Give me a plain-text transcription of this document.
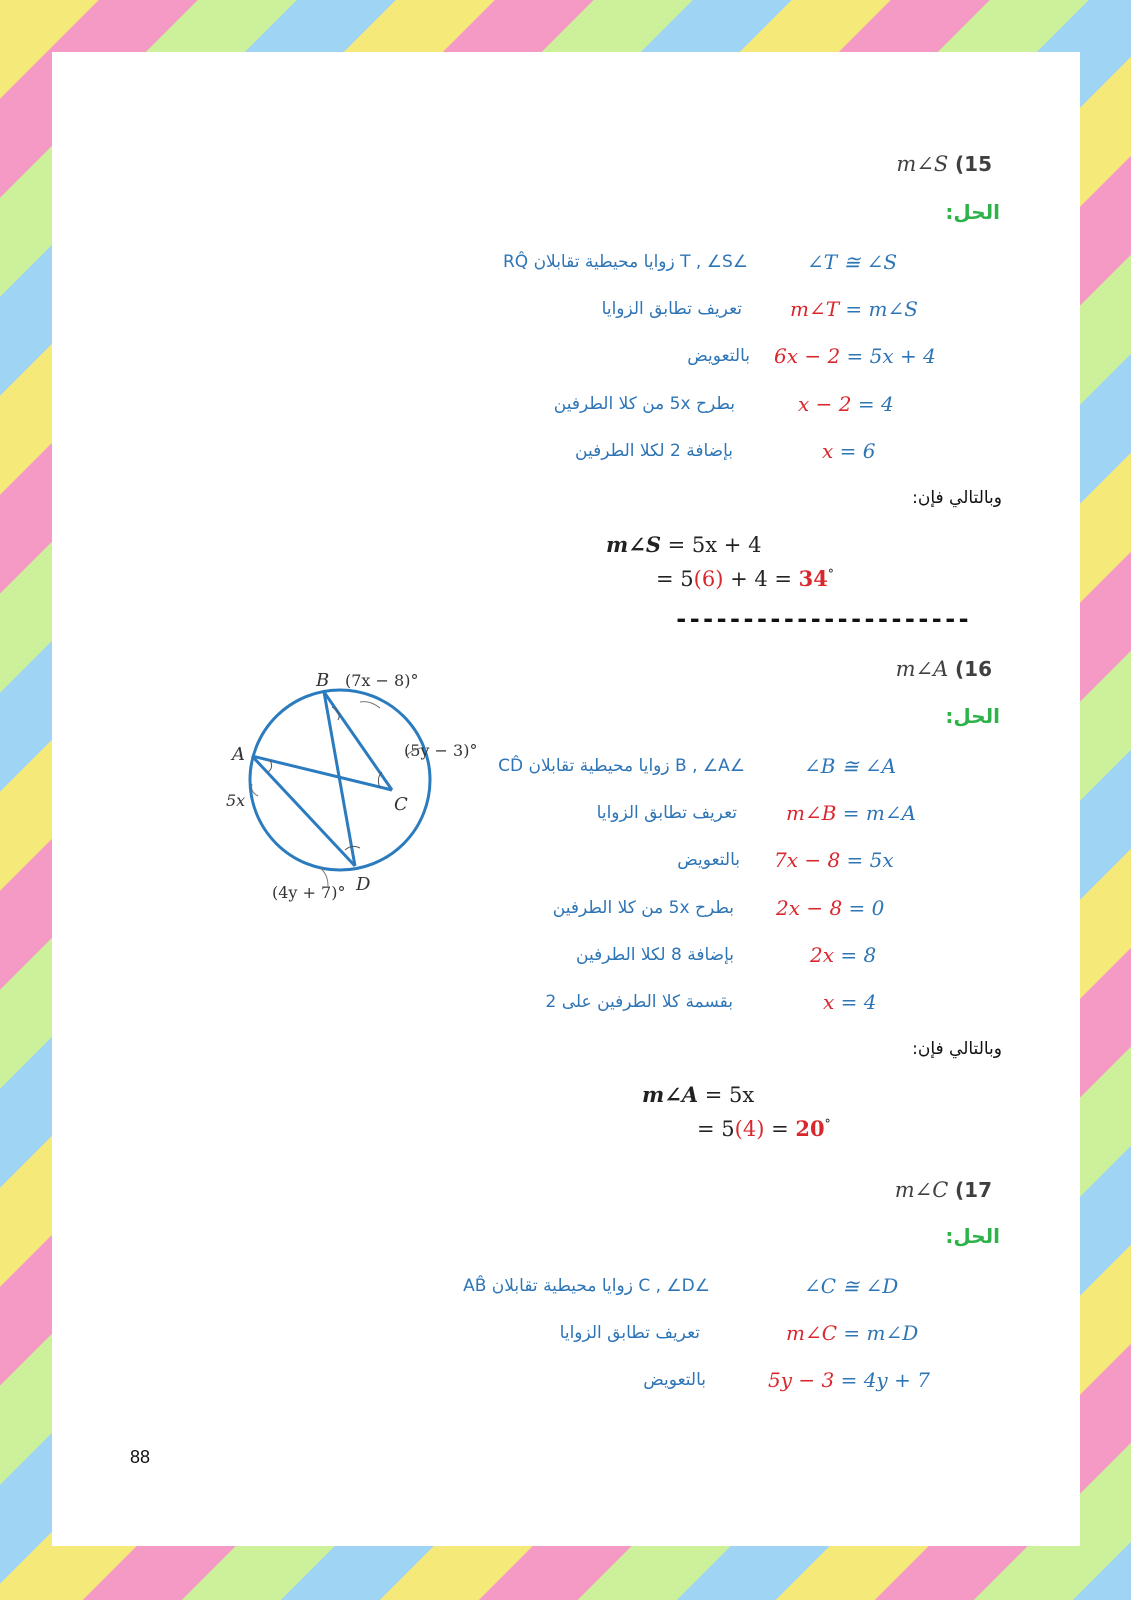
m∠S 15)
الحل:
∠T ≅ ∠S
∠T , ∠S زوايا محيطية تقابلان RQ̂
m∠T = m∠S
تعريف تطابق الزوايا
6x − 2 = 5x + 4
بالتعويض
x − 2 = 4
بطرح 5x من كلا الطرفين
x = 6
بإضافة 2 لكلا الطرفين
وبالتالي فإن:
m∠S = 5x + 4
= 5(6) + 4 = 34°
----------------------
m∠A 16)
الحل:
∠B ≅ ∠A
∠B , ∠A زوايا محيطية تقابلان CD̂
m∠B = m∠A
تعريف تطابق الزوايا
7x − 8 = 5x
بالتعويض
2x − 8 = 0
بطرح 5x من كلا الطرفين
2x = 8
بإضافة 8 لكلا الطرفين
x = 4
بقسمة كلا الطرفين على 2
وبالتالي فإن:
m∠A = 5x
= 5(4) = 20°
B (7x − 8)°
A
5x	C
(5y − 3)°
D
(4y + 7)°
m∠C 17)
الحل:
∠C ≅ ∠D
∠C , ∠D زوايا محيطية تقابلان AB̂
m∠C = m∠D
تعريف تطابق الزوايا
5y − 3 = 4y + 7
بالتعويض
88
